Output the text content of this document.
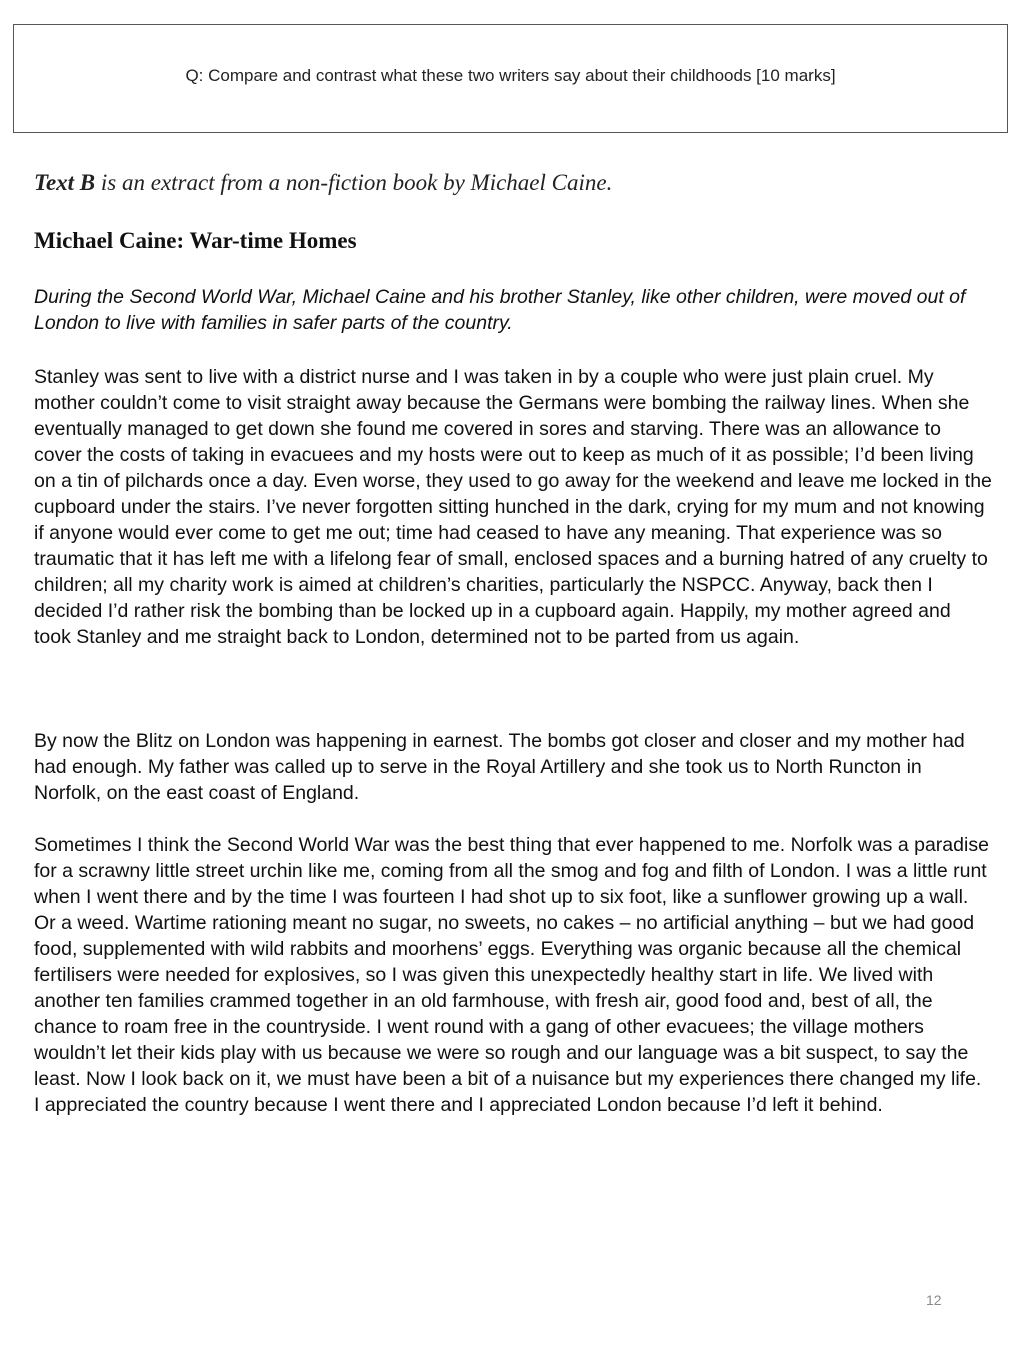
Q: Compare and contrast what these two writers say about their childhoods [10 marks]
Text B is an extract from a non-fiction book by Michael Caine.
Michael Caine: War-time Homes

During the Second World War, Michael Caine and his brother Stanley, like other children, were moved out of London to live with families in safer parts of the country.

Stanley was sent to live with a district nurse and I was taken in by a couple who were just plain cruel. My mother couldn’t come to visit straight away because the Germans were bombing the railway lines. When she eventually managed to get down she found me covered in sores and starving. There was an allowance to cover the costs of taking in evacuees and my hosts were out to keep as much of it as possible; I’d been living on a tin of pilchards once a day. Even worse, they used to go away for the weekend and leave me locked in the cupboard under the stairs. I’ve never forgotten sitting hunched in the dark, crying for my mum and not knowing if anyone would ever come to get me out; time had ceased to have any meaning. That experience was so traumatic that it has left me with a lifelong fear of small, enclosed spaces and a burning hatred of any cruelty to children; all my charity work is aimed at children’s charities, particularly the NSPCC. Anyway, back then I decided I’d rather risk the bombing than be locked up in a cupboard again. Happily, my mother agreed and took Stanley and me straight back to London, determined not to be parted from us again.

By now the Blitz on London was happening in earnest. The bombs got closer and closer and my mother had had enough. My father was called up to serve in the Royal Artillery and she took us to North Runcton in Norfolk, on the east coast of England.

Sometimes I think the Second World War was the best thing that ever happened to me. Norfolk was a paradise for a scrawny little street urchin like me, coming from all the smog and fog and filth of London. I was a little runt when I went there and by the time I was fourteen I had shot up to six foot, like a sunflower growing up a wall. Or a weed. Wartime rationing meant no sugar, no sweets, no cakes – no artificial anything – but we had good food, supplemented with wild rabbits and moorhens’ eggs. Everything was organic because all the chemical fertilisers were needed for explosives, so I was given this unexpectedly healthy start in life. We lived with another ten families crammed together in an old farmhouse, with fresh air, good food and, best of all, the chance to roam free in the countryside. I went round with a gang of other evacuees; the village mothers wouldn’t let their kids play with us because we were so rough and our language was a bit suspect, to say the least. Now I look back on it, we must have been a bit of a nuisance but my experiences there changed my life. I appreciated the country because I went there and I appreciated London because I’d left it behind.

12
